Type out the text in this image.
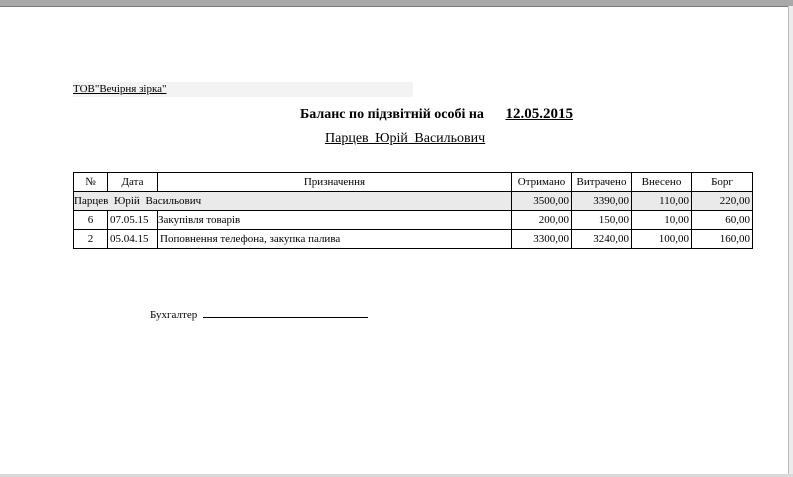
ТОВ"Вечірня зірка"
Баланс по підзвітній особі на 12.05.2015
Парцев Юрій Васильович
№	Дата	Призначення	Отримано	Витрачено	Внесено	Борг
Парцев Юрій Васильович			3500,00	3390,00	110,00	220,00
6	07.05.15	Закупівля товарів	200,00	150,00	10,00	60,00
2	05.04.15	Поповнення телефона, закупка палива	3300,00	3240,00	100,00	160,00
Бухгалтер
